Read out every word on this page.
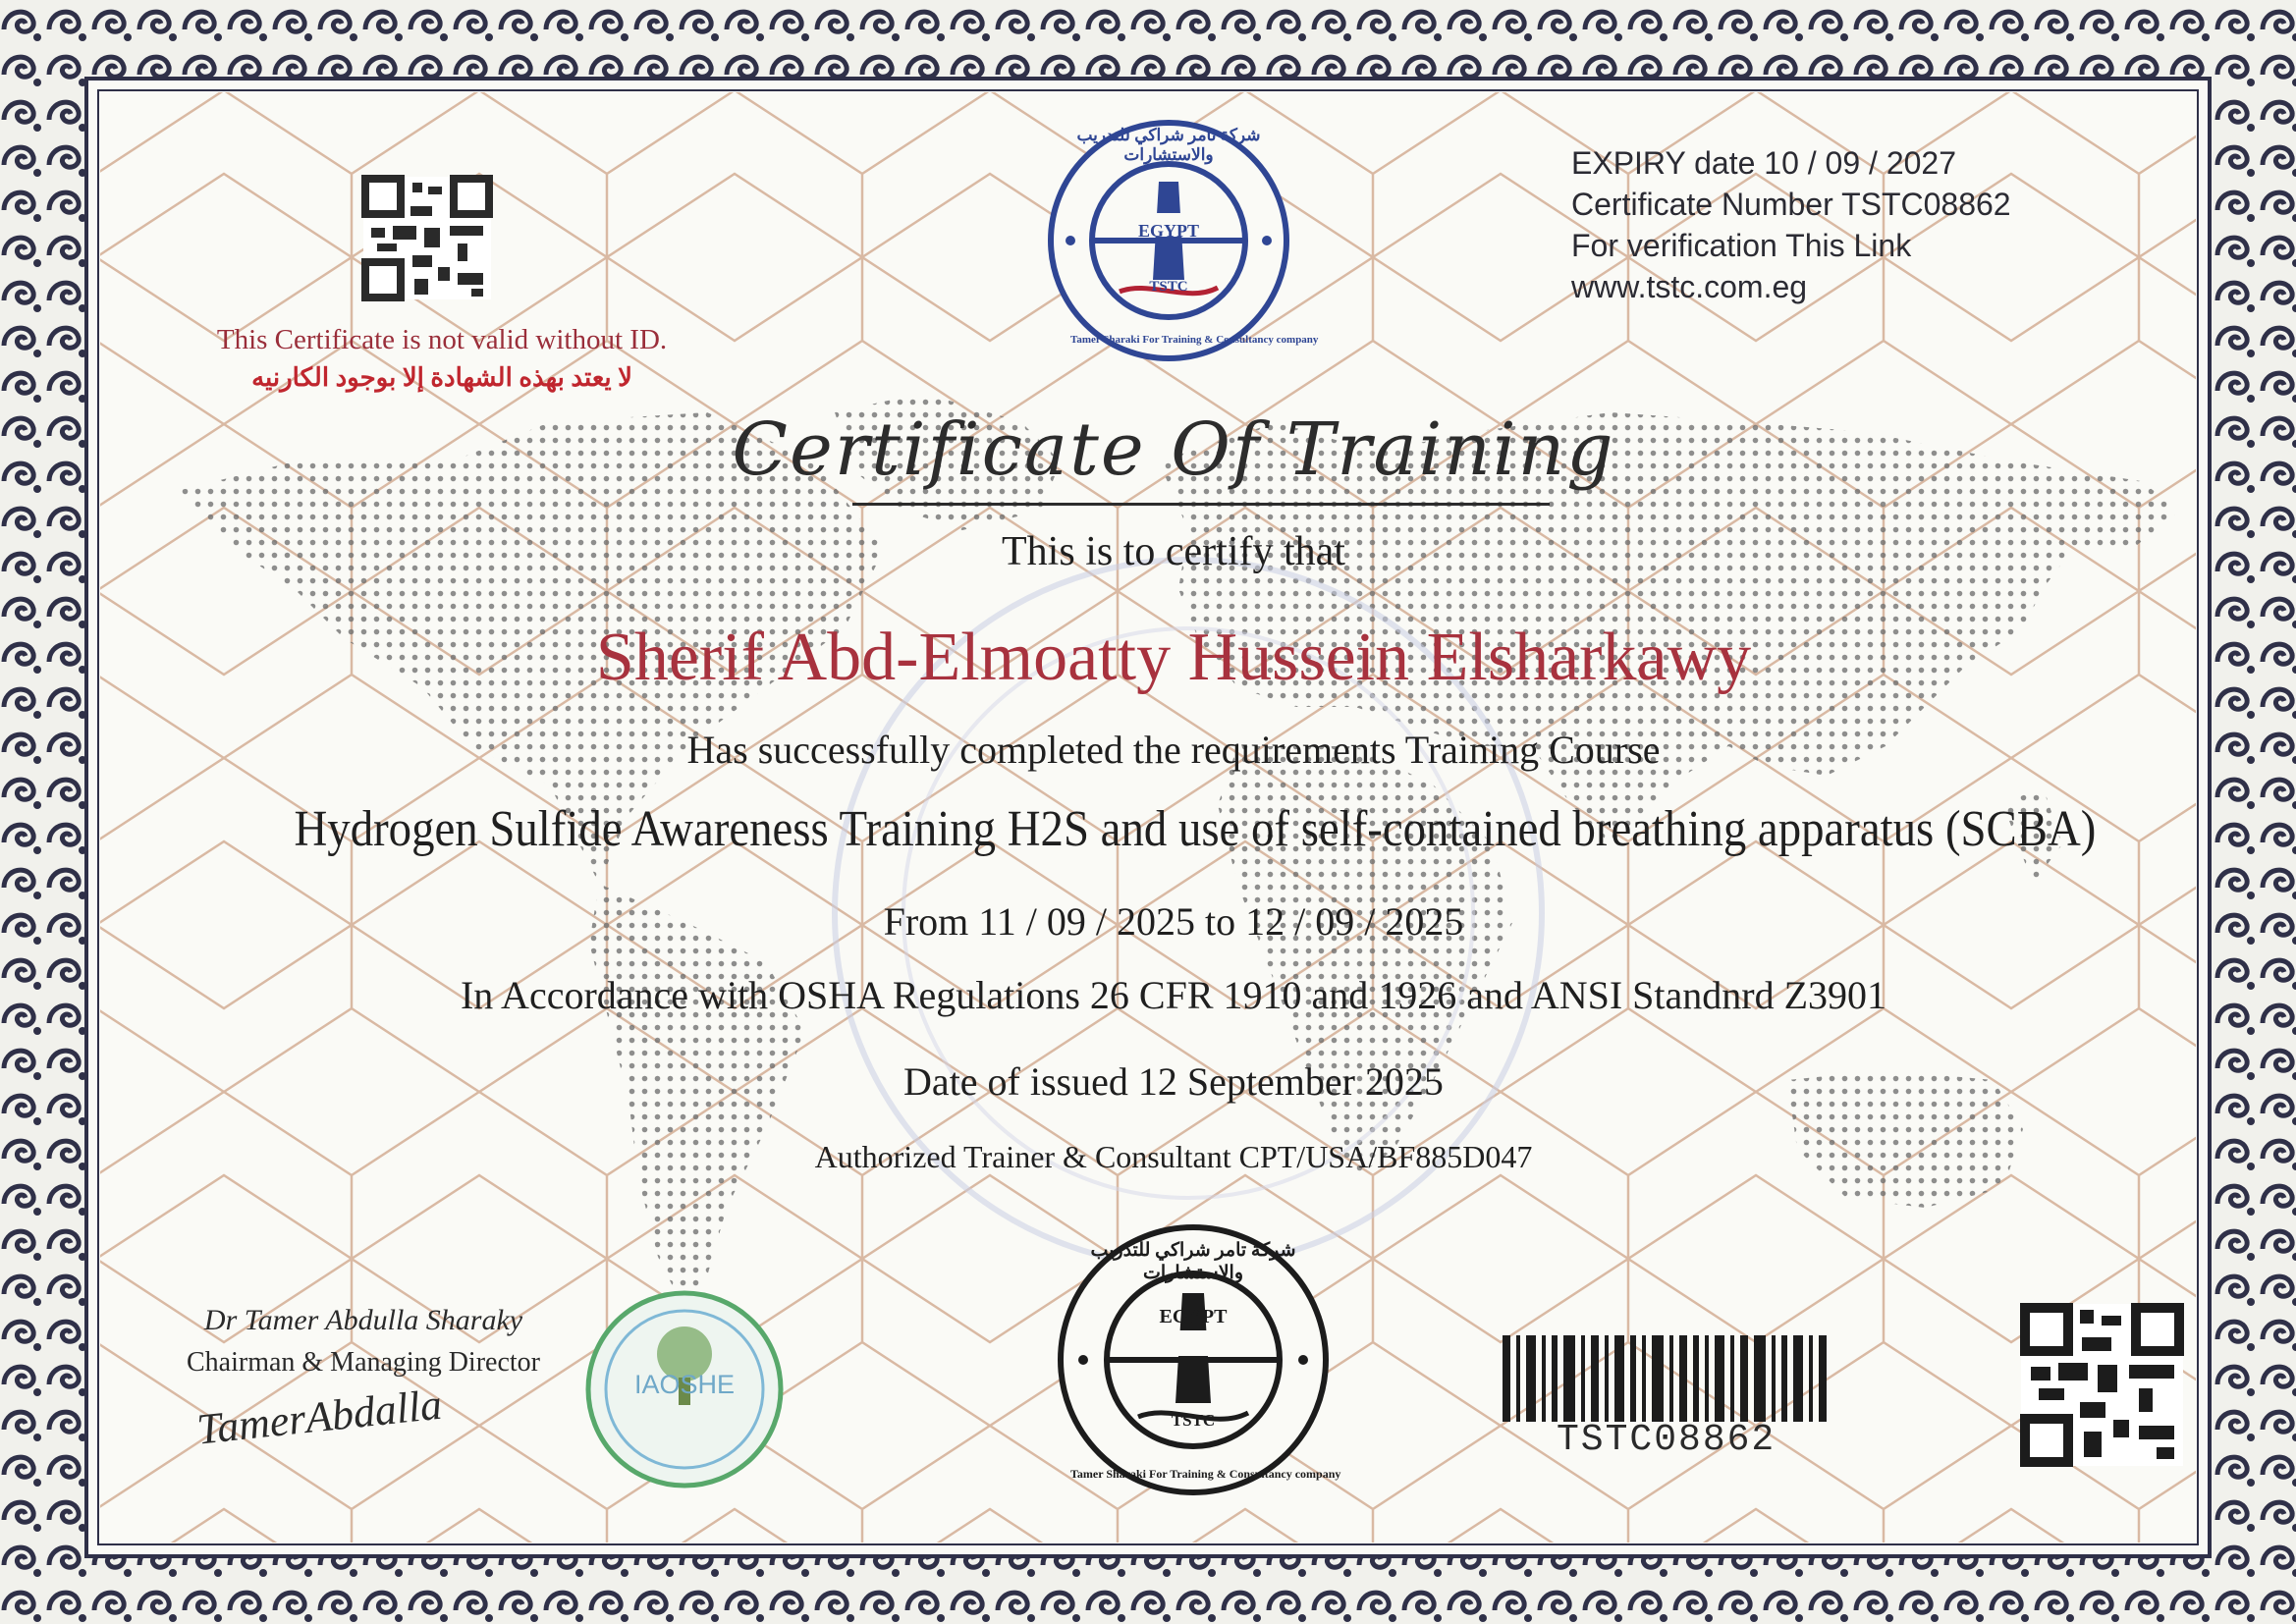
This Certificate is not valid without ID.
لا يعتد بهذه الشهادة إلا بوجود الكارنيه
EXPIRY date 10 / 09 / 2027
Certificate Number TSTC08862
For verification This Link
www.tstc.com.eg
Certificate Of Training
This is to certify that
Sherif Abd-Elmoatty Hussein Elsharkawy
Has successfully completed the requirements Training Course
Hydrogen Sulfide Awareness Training H2S and use of self-contained breathing apparatus (SCBA)
From 11 / 09 / 2025 to 12 / 09 / 2025
In Accordance with OSHA Regulations 26 CFR 1910 and 1926 and ANSI Standnrd Z3901
Date of issued 12 September 2025
Authorized Trainer & Consultant CPT/USA/BF885D047
Dr Tamer Abdulla Sharaky
Chairman & Managing Director
TamerAbdalla
EGYPT
TSTC
EGYPT
TSTC
شركة تامر شراكي للتدريب والاستشارات
Tamer Sharaki For Training & Consultancy company
شركة تامر شراكي للتدريب والاستشارات
Tamer Sharaki For Training & Consultancy company
IAOSHE
TSTC08862
